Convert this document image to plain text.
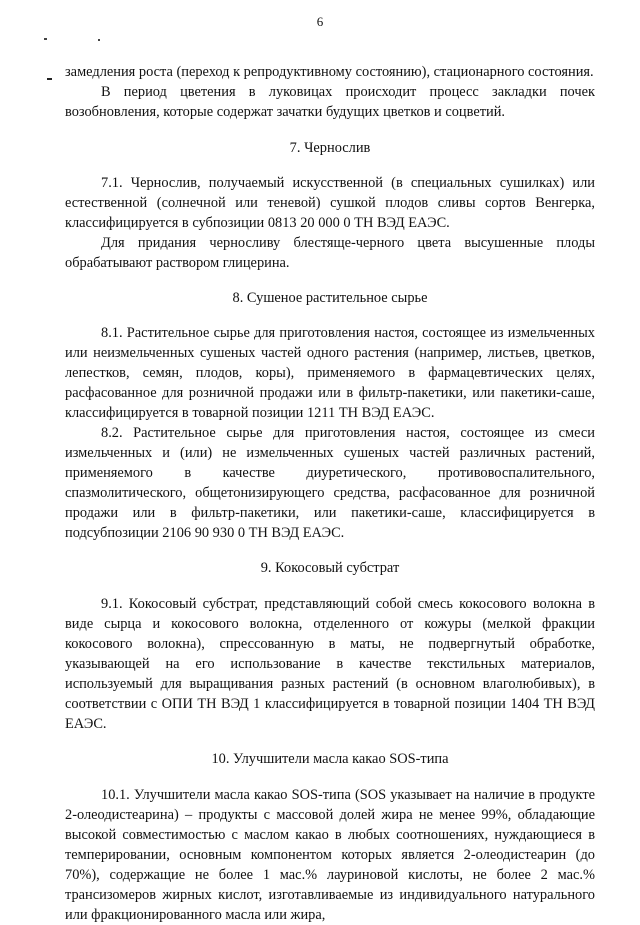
6

замедления роста (переход к репродуктивному состоянию), стационарного состояния.

В период цветения в луковицах происходит процесс закладки почек возобновления, которые содержат зачатки будущих цветков и соцветий.

7. Чернослив

7.1. Чернослив, получаемый искусственной (в специальных сушилках) или естественной (солнечной или теневой) сушкой плодов сливы сортов Венгерка, классифицируется в субпозиции 0813 20 000 0 ТН ВЭД ЕАЭС.

Для придания черносливу блестяще-черного цвета высушенные плоды обрабатывают раствором глицерина.

8. Сушеное растительное сырье

8.1. Растительное сырье для приготовления настоя, состоящее из измельченных или неизмельченных сушеных частей одного растения (например, листьев, цветков, лепестков, семян, плодов, коры), применяемого в фармацевтических целях, расфасованное для розничной продажи или в фильтр-пакетики, или пакетики-саше, классифицируется в товарной позиции 1211 ТН ВЭД ЕАЭС.

8.2. Растительное сырье для приготовления настоя, состоящее из смеси измельченных и (или) не измельченных сушеных частей различных растений, применяемого в качестве диуретического, противовоспалительного, спазмолитического, общетонизирующего средства, расфасованное для розничной продажи или в фильтр-пакетики, или пакетики-саше, классифицируется в подсубпозиции 2106 90 930 0 ТН ВЭД ЕАЭС.

9. Кокосовый субстрат

9.1. Кокосовый субстрат, представляющий собой смесь кокосового волокна в виде сырца и кокосового волокна, отделенного от кожуры (мелкой фракции кокосового волокна), спрессованную в маты, не подвергнутый обработке, указывающей на его использование в качестве текстильных материалов, используемый для выращивания разных растений (в основном влаголюбивых), в соответствии с ОПИ ТН ВЭД 1 классифицируется в товарной позиции 1404 ТН ВЭД ЕАЭС.

10. Улучшители масла какао SOS-типа

10.1. Улучшители масла какао SOS-типа (SOS указывает на наличие в продукте 2-олеодистеарина) – продукты с массовой долей жира не менее 99%, обладающие высокой совместимостью с маслом какао в любых соотношениях, нуждающиеся в темперировании, основным компонентом которых является 2-олеодистеарин (до 70%), содержащие не более 1 мас.% лауриновой кислоты, не более 2 мас.% трансизомеров жирных кислот, изготавливаемые из индивидуального натурального или фракционированного масла или жира,
